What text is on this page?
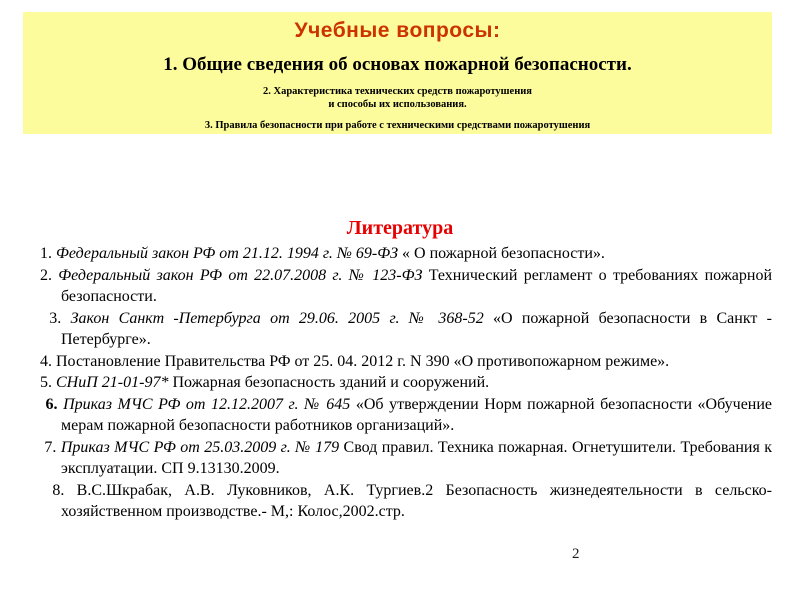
Учебные вопросы:
1. Общие сведения об основах пожарной безопасности.
2. Характеристика технических средств пожаротушения
и способы их использования.
3. Правила безопасности при работе с техническими средствами пожаротушения
Литература
1. Федеральный закон РФ от 21.12. 1994 г. № 69-ФЗ « О пожарной безопасности».
2. Федеральный закон РФ от 22.07.2008 г. № 123-ФЗ Технический регламент о требованиях пожарной безопасности.
3. Закон Санкт -Петербурга от 29.06. 2005 г. № 368-52 «О пожарной безопасности в Санкт - Петербурге».
4. Постановление Правительства РФ от 25. 04. 2012 г. N 390 «О противопожарном режиме».
5. СНиП 21-01-97* Пожарная безопасность зданий и сооружений.
6. Приказ МЧС РФ от 12.12.2007 г. № 645 «Об утверждении Норм пожарной безопасности «Обучение мерам пожарной безопасности работников организаций».
7. Приказ МЧС РФ от 25.03.2009 г. № 179 Свод правил. Техника пожарная. Огнетушители. Требования к эксплуатации. СП 9.13130.2009.
8. В.С.Шкрабак, А.В. Луковников, А.К. Тургиев.2 Безопасность жизнедеятельности в сельско-хозяйственном производстве.- М,: Колос,2002.стр.
2
